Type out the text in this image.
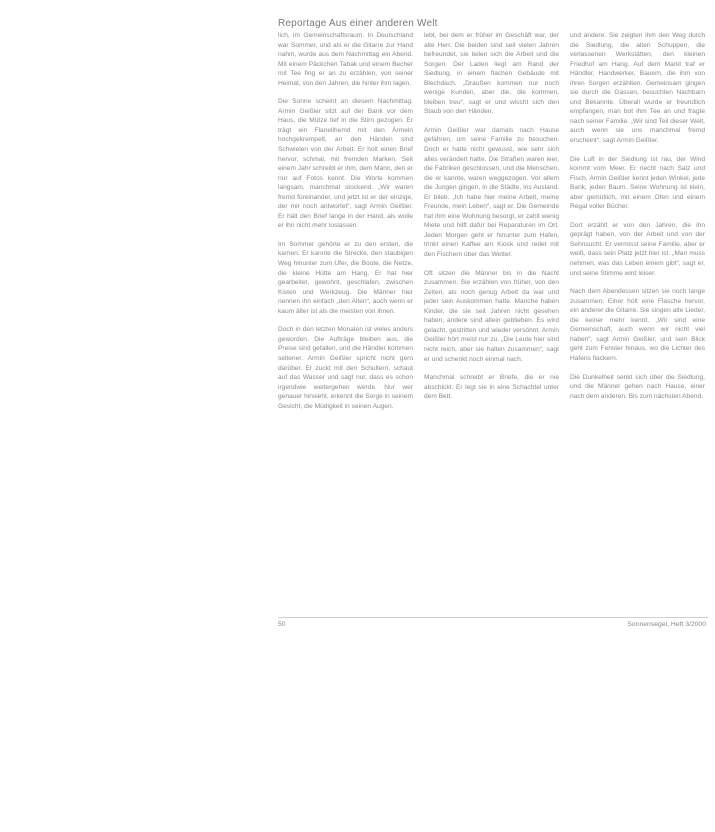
Reportage Aus einer anderen Welt

lich, im Gemeinschaftsraum. In Deutschland war Sommer, und als er die Gitarre zur Hand nahm, wurde aus dem Nachmittag ein Abend. Mit einem Päckchen Tabak und einem Becher mit Tee fing er an zu erzählen, von seiner Heimat, von den Jahren, die hinter ihm lagen.

Die Sonne scheint an diesem Nachmittag. Armin Geißler sitzt auf der Bank vor dem Haus, die Mütze tief in die Stirn gezogen. Er trägt ein Flanellhemd mit den Ärmeln hochgekrempelt, an den Händen sind Schwielen von der Arbeit. Er holt einen Brief hervor, schmal, mit fremden Marken. Seit einem Jahr schreibt er ihm, dem Mann, den er nur auf Fotos kennt. Die Worte kommen langsam, manchmal stockend. „Wir waren fremd füreinander, und jetzt ist er der einzige, der mir noch antwortet“, sagt Armin Geißler. Er hält den Brief lange in der Hand, als wolle er ihn nicht mehr loslassen.

Im Sommer gehörte er zu den ersten, die kamen. Er kannte die Strecke, den staubigen Weg hinunter zum Ufer, die Boote, die Netze, die kleine Hütte am Hang. Er hat hier gearbeitet, gewohnt, geschlafen, zwischen Kisten und Werkzeug. Die Männer hier nennen ihn einfach „den Alten“, auch wenn er kaum älter ist als die meisten von ihnen.

Doch in den letzten Monaten ist vieles anders geworden. Die Aufträge bleiben aus, die Preise sind gefallen, und die Händler kommen seltener. Armin Geißler spricht nicht gern darüber. Er zuckt mit den Schultern, schaut auf das Wasser und sagt nur, dass es schon irgendwie weitergehen werde. Nur wer genauer hinsieht, erkennt die Sorge in seinem Gesicht, die Müdigkeit in seinen Augen.

lebt, bei dem er früher im Geschäft war, der alte Herr. Die beiden sind seit vielen Jahren befreundet, sie teilen sich die Arbeit und die Sorgen. Der Laden liegt am Rand der Siedlung, in einem flachen Gebäude mit Blechdach. „Draußen kommen nur noch wenige Kunden, aber die, die kommen, bleiben treu“, sagt er und wischt sich den Staub von den Händen.

Armin Geißler war damals nach Hause gefahren, um seine Familie zu besuchen. Doch er hatte nicht gewusst, wie sehr sich alles verändert hatte. Die Straßen waren leer, die Fabriken geschlossen, und die Menschen, die er kannte, waren weggezogen. Vor allem die Jungen gingen, in die Städte, ins Ausland. Er blieb. „Ich habe hier meine Arbeit, meine Freunde, mein Leben“, sagt er. Die Gemeinde hat ihm eine Wohnung besorgt, er zahlt wenig Miete und hilft dafür bei Reparaturen im Ort. Jeden Morgen geht er hinunter zum Hafen, trinkt einen Kaffee am Kiosk und redet mit den Fischern über das Wetter.

Oft sitzen die Männer bis in die Nacht zusammen. Sie erzählen von früher, von den Zeiten, als noch genug Arbeit da war und jeder sein Auskommen hatte. Manche haben Kinder, die sie seit Jahren nicht gesehen haben, andere sind allein geblieben. Es wird gelacht, gestritten und wieder versöhnt. Armin Geißler hört meist nur zu. „Die Leute hier sind nicht reich, aber sie halten zusammen“, sagt er und schenkt noch einmal nach.

Manchmal schreibt er Briefe, die er nie abschickt. Er legt sie in eine Schachtel unter dem Bett.

und andere. Sie zeigten ihm den Weg durch die Siedlung, die alten Schuppen, die verlassenen Werkstätten, den kleinen Friedhof am Hang. Auf dem Markt traf er Händler, Handwerker, Bauern, die ihm von ihren Sorgen erzählten. Gemeinsam gingen sie durch die Gassen, besuchten Nachbarn und Bekannte. Überall wurde er freundlich empfangen, man bot ihm Tee an und fragte nach seiner Familie. „Wir sind Teil dieser Welt, auch wenn sie uns manchmal fremd erscheint“, sagt Armin Geißler.

Die Luft in der Siedlung ist rau, der Wind kommt vom Meer. Er riecht nach Salz und Fisch. Armin Geißler kennt jeden Winkel, jede Bank, jeden Baum. Seine Wohnung ist klein, aber gemütlich, mit einem Ofen und einem Regal voller Bücher.

Dort erzählt er von den Jahren, die ihn geprägt haben, von der Arbeit und von der Sehnsucht. Er vermisst seine Familie, aber er weiß, dass sein Platz jetzt hier ist. „Man muss nehmen, was das Leben einem gibt“, sagt er, und seine Stimme wird leiser.

Nach dem Abendessen sitzen sie noch lange zusammen. Einer holt eine Flasche hervor, ein anderer die Gitarre. Sie singen alte Lieder, die keiner mehr kennt. „Wir sind eine Gemeinschaft, auch wenn wir nicht viel haben“, sagt Armin Geißler, und sein Blick geht zum Fenster hinaus, wo die Lichter des Hafens flackern.

Die Dunkelheit senkt sich über die Siedlung, und die Männer gehen nach Hause, einer nach dem anderen. Bis zum nächsten Abend.

50	Sonnensegel, Heft 3/2000
